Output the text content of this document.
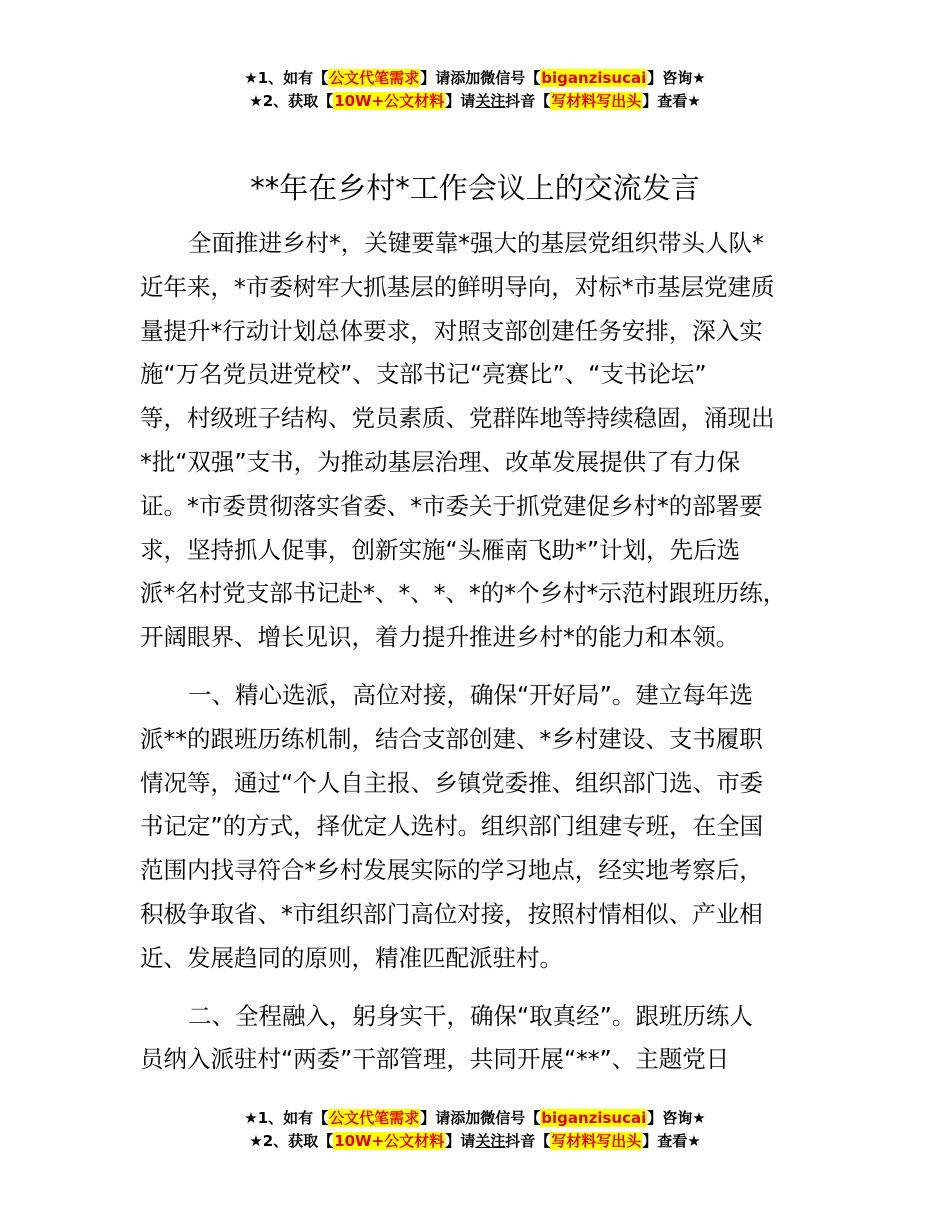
★1、如有【公文代笔需求】请添加微信号【biganzisucai】咨询★
★2、获取【10W+公文材料】请关注抖音【写材料写出头】查看★
**年在乡村*工作会议上的交流发言

全面推进乡村*，关键要靠*强大的基层党组织带头人队*
近年来，*市委树牢大抓基层的鲜明导向，对标*市基层党建质
量提升*行动计划总体要求，对照支部创建任务安排，深入实
施“万名党员进党校”、支部书记“亮赛比”、“支书论坛”
等，村级班子结构、党员素质、党群阵地等持续稳固，涌现出
*批“双强”支书，为推动基层治理、改革发展提供了有力保
证。*市委贯彻落实省委、*市委关于抓党建促乡村*的部署要
求，坚持抓人促事，创新实施“头雁南飞助*”计划，先后选
派*名村党支部书记赴*、*、*、*的*个乡村*示范村跟班历练，
开阔眼界、增长见识，着力提升推进乡村*的能力和本领。

一、精心选派，高位对接，确保“开好局”。建立每年选
派**的跟班历练机制，结合支部创建、*乡村建设、支书履职
情况等，通过“个人自主报、乡镇党委推、组织部门选、市委
书记定”的方式，择优定人选村。组织部门组建专班，在全国
范围内找寻符合*乡村发展实际的学习地点，经实地考察后，
积极争取省、*市组织部门高位对接，按照村情相似、产业相
近、发展趋同的原则，精准匹配派驻村。

二、全程融入，躬身实干，确保“取真经”。跟班历练人
员纳入派驻村“两委”干部管理，共同开展“**”、主题党日

★1、如有【公文代笔需求】请添加微信号【biganzisucai】咨询★
★2、获取【10W+公文材料】请关注抖音【写材料写出头】查看★
